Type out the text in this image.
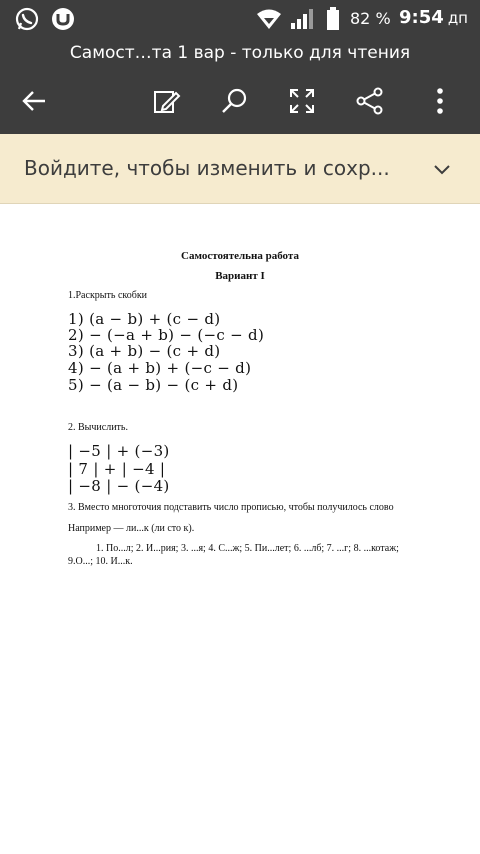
82 % 9:54 дп
Самост…та 1 вар - только для чтения
Войдите, чтобы изменить и сохр...
Самостоятельна работа
Вариант I
1.Раскрыть скобки
1) (a − b) + (c − d)
2) − (−a + b) − (−c − d)
3) (a + b) − (c + d)
4) − (a + b) + (−c − d)
5) − (a − b) − (c + d)
2. Вычислить.
| −5 | + (−3)
| 7 | + | −4 |
| −8 | − (−4)
3. Вместо многоточия подставить число прописью, чтобы получилось слово
Например — ли...к (ли сто к).
1. По...л; 2. И...рия; 3. ...я; 4. С...ж; 5. Пи...лет; 6. ...лб; 7. ...г; 8. ...котаж;
9.О...; 10. И...к.
